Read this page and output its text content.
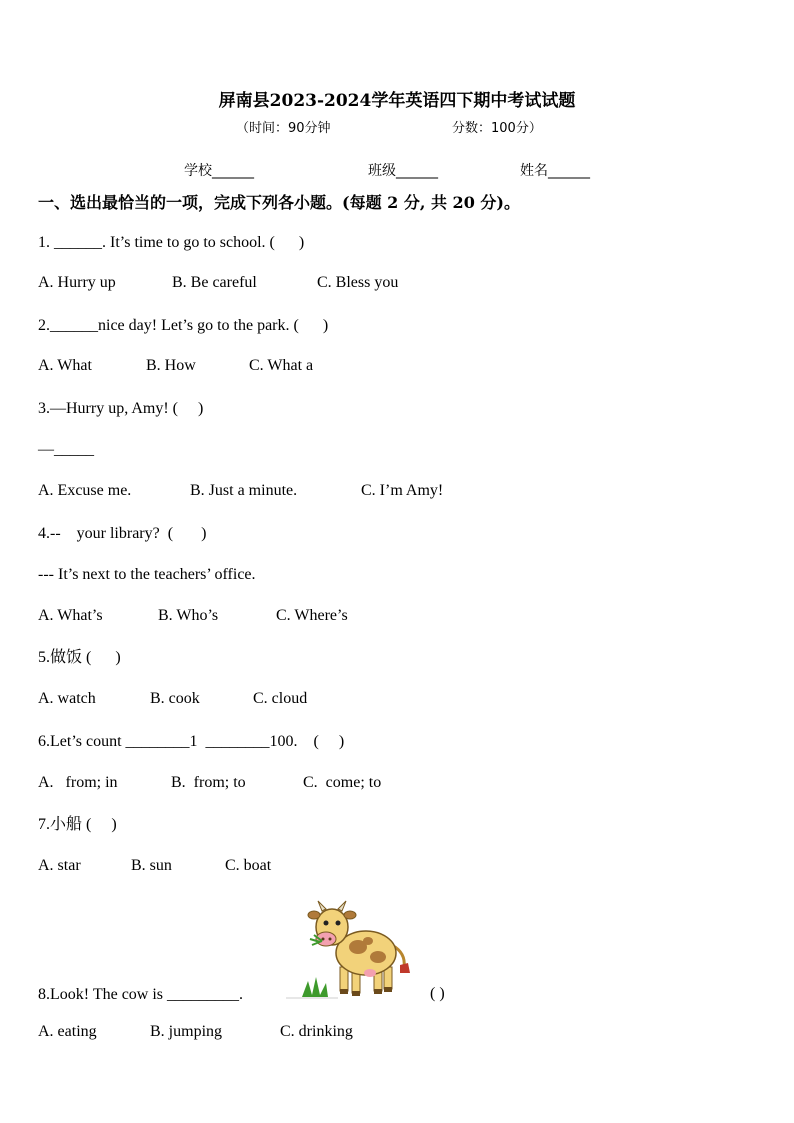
屏南县2023-2024学年英语四下期中考试试题
（时间：90分钟	分数：100分）
学校______	班级______	姓名______
一、选出最恰当的一项，完成下列各小题。(每题 2 分, 共 20 分)。
1. ______. It’s time to go to school. (      )
A. Hurry up	B. Be careful	C. Bless you
2.______nice day! Let’s go to the park. (      )
A. What	B. How	C. What a
3.—Hurry up, Amy! (     )
—_____
A. Excuse me.	B. Just a minute.	C. I’m Amy!
4.--    your library?  (       )
--- It’s next to the teachers’ office.
A. What’s	B. Who’s	C. Where’s
5.做饭 (      )
A. watch	B. cook	C. cloud
6.Let’s count ________1  ________100.    (     )
A.   from; in	B.  from; to	C.  come; to
7.小船 (     )
A. star	B. sun	C. boat
8.Look! The cow is _________.	( )
A. eating	B. jumping	C. drinking
